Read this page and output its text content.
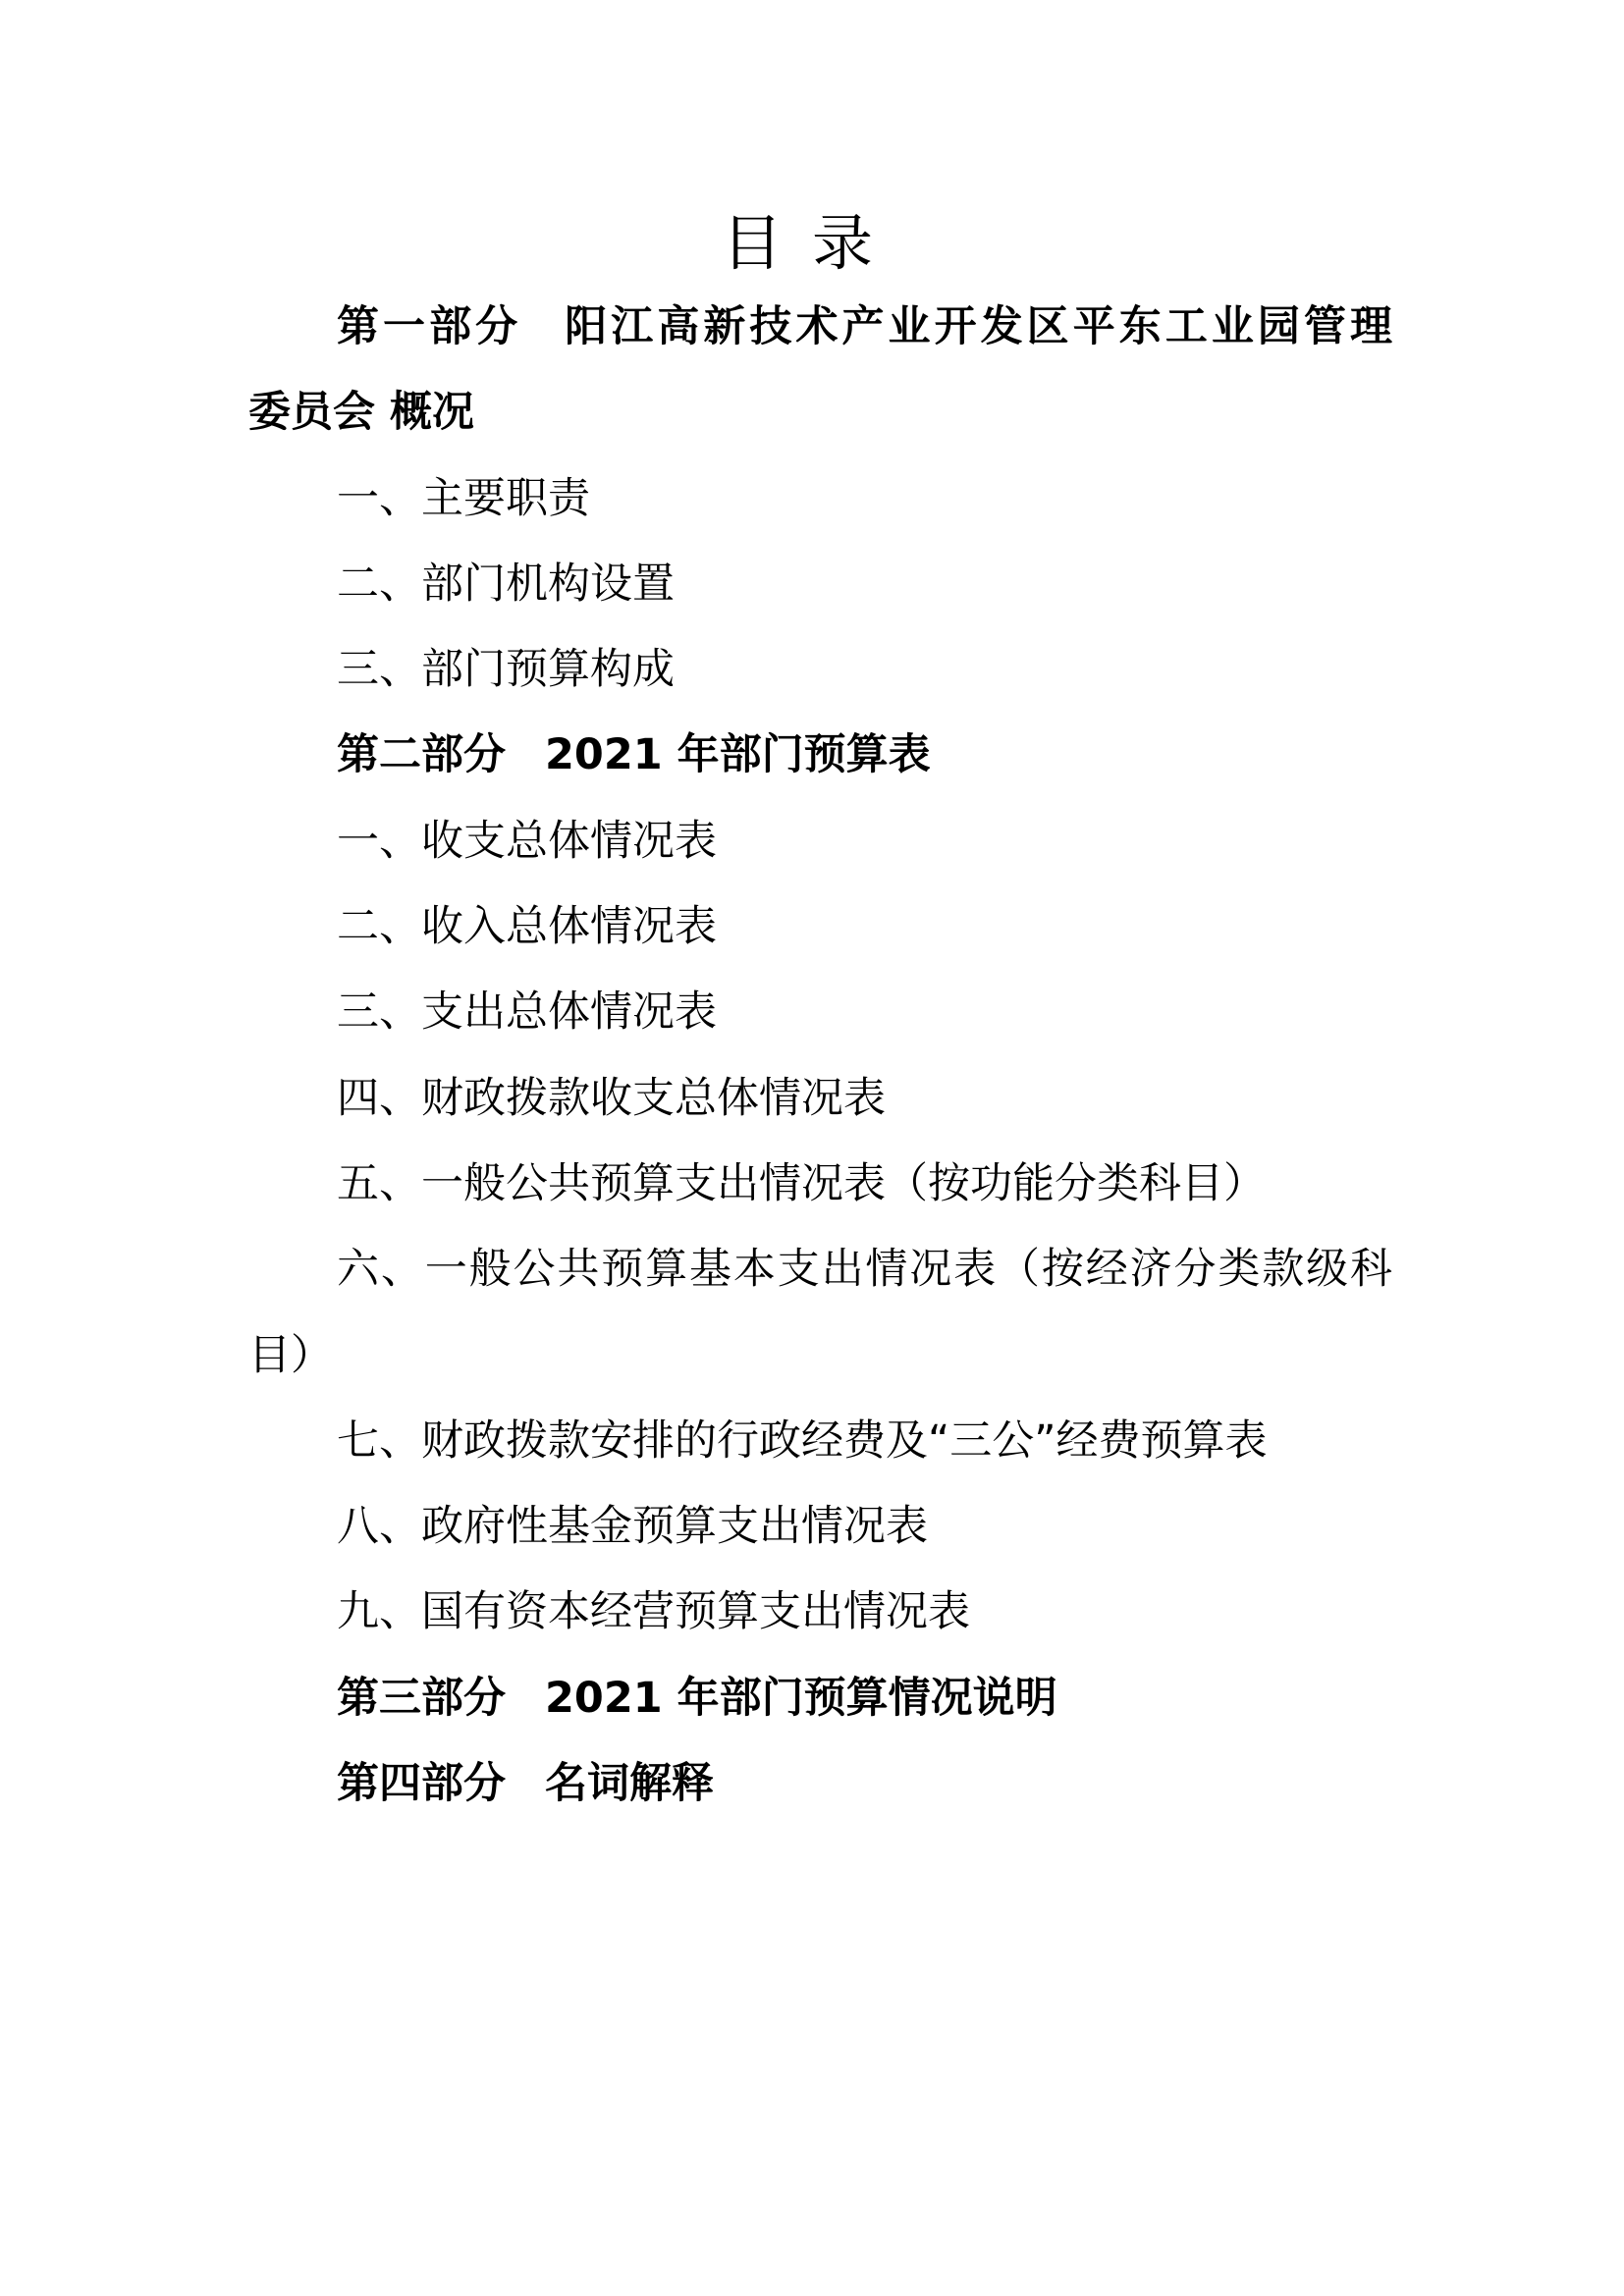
目录
第一部分 阳江高新技术产业开发区平东工业园管理
委员会 概况
一、主要职责
二、部门机构设置
三、部门预算构成
第二部分 2021 年部门预算表
一、收支总体情况表
二、收入总体情况表
三、支出总体情况表
四、财政拨款收支总体情况表
五、一般公共预算支出情况表（按功能分类科目）
六、一般公共预算基本支出情况表（按经济分类款级科
目）
七、财政拨款安排的行政经费及“三公”经费预算表
八、政府性基金预算支出情况表
九、国有资本经营预算支出情况表
第三部分 2021 年部门预算情况说明
第四部分 名词解释
